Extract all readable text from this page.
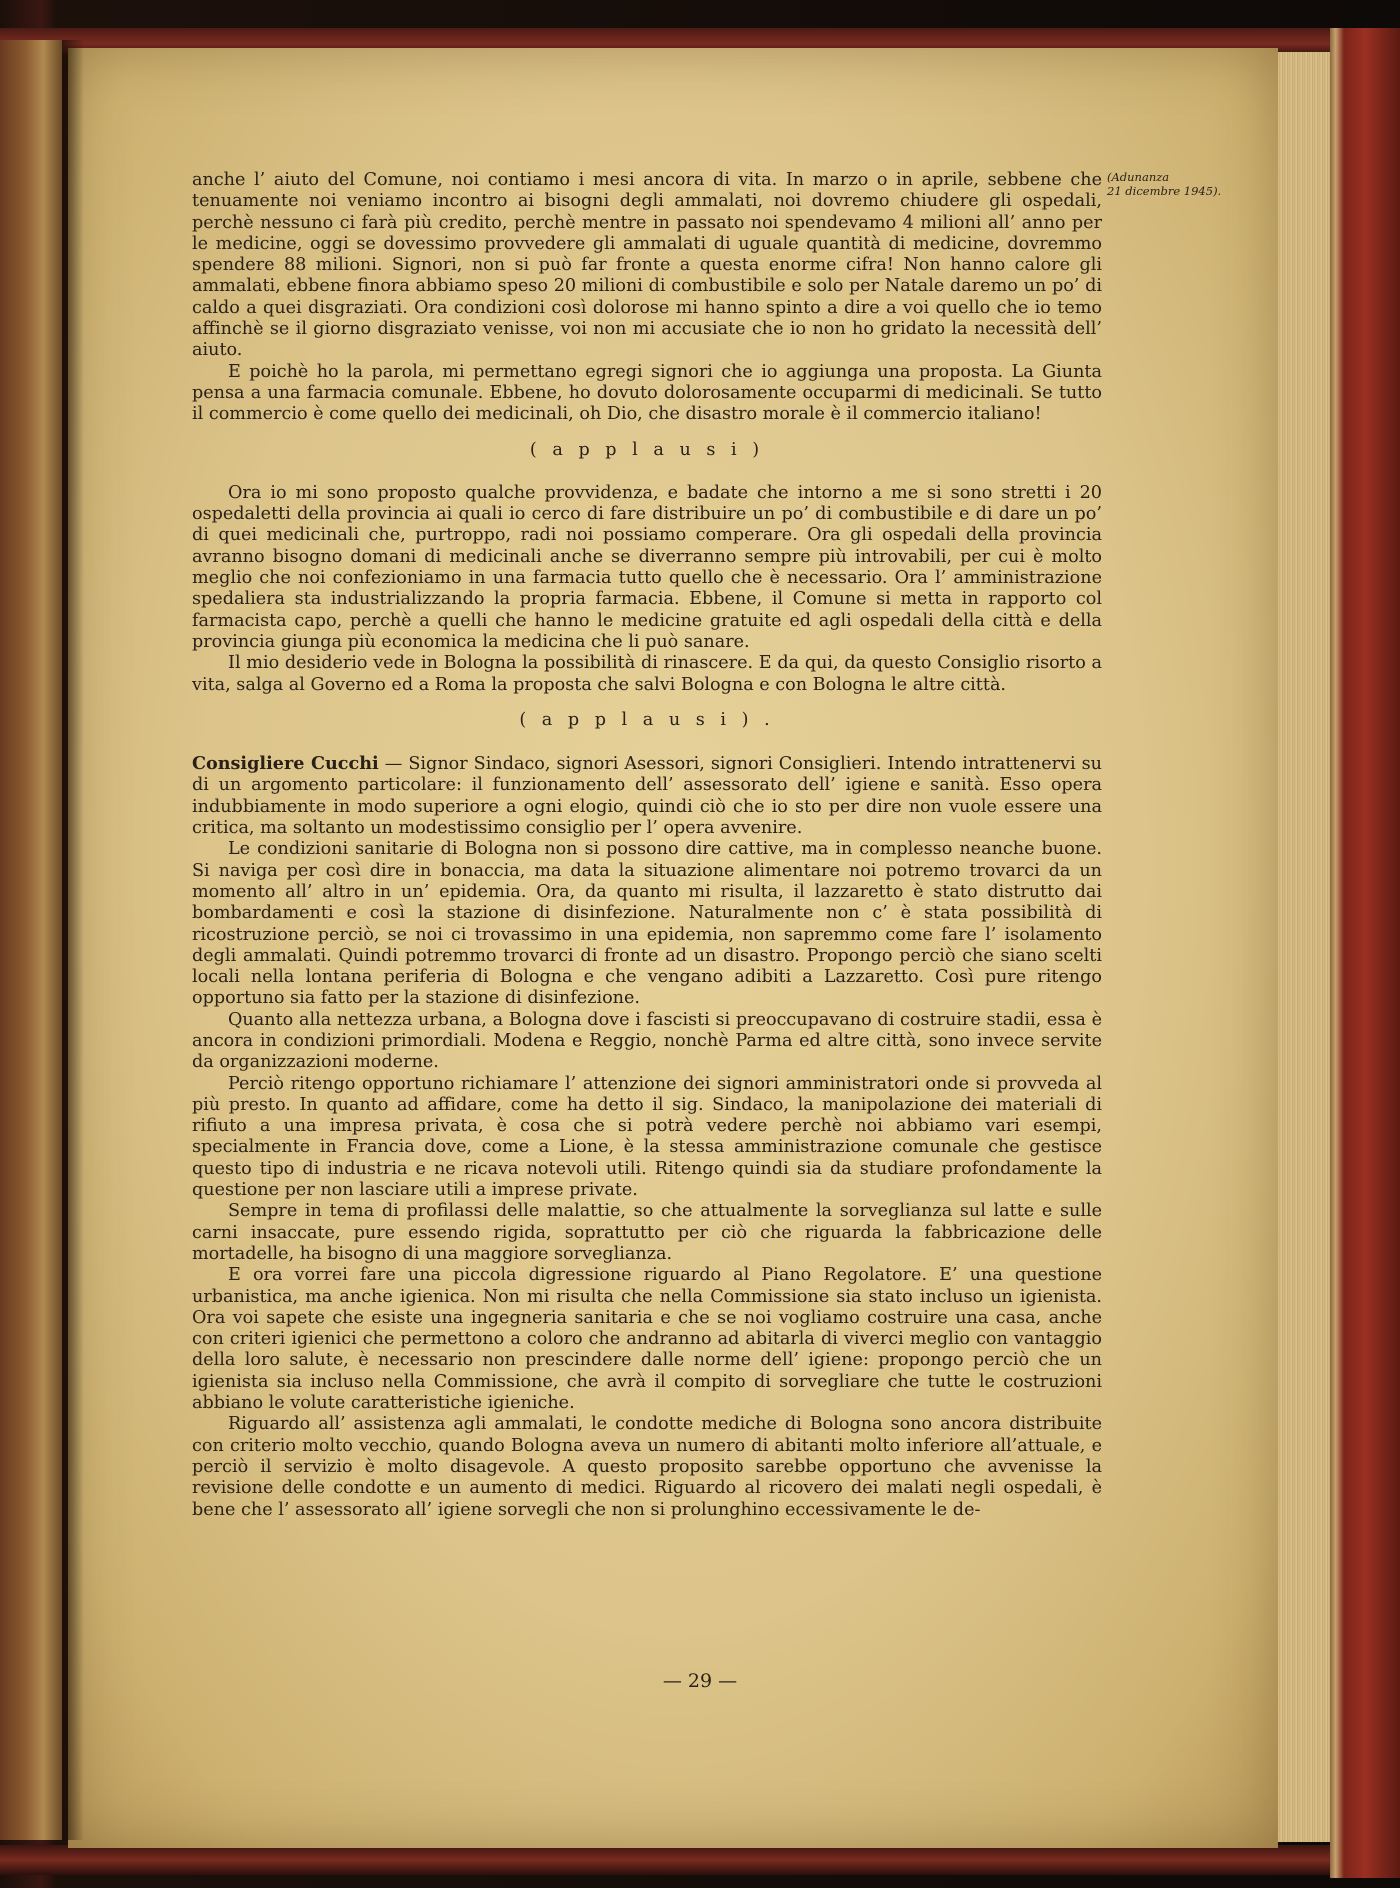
(Adunanza
21 dicembre 1945).

anche l’ aiuto del Comune, noi contiamo i mesi ancora di vita. In marzo o in aprile, sebbene che tenuamente noi veniamo incontro ai bisogni degli ammalati, noi dovremo chiudere gli ospedali, perchè nessuno ci farà più credito, perchè mentre in passato noi spendevamo 4 milioni all’ anno per le medicine, oggi se dovessimo provvedere gli ammalati di uguale quantità di medicine, dovremmo spendere 88 milioni. Signori, non si può far fronte a questa enorme cifra! Non hanno calore gli ammalati, ebbene finora abbiamo speso 20 milioni di combustibile e solo per Natale daremo un po’ di caldo a quei disgraziati. Ora condizioni così dolorose mi hanno spinto a dire a voi quello che io temo affinchè se il giorno disgraziato venisse, voi non mi accusiate che io non ho gridato la necessità dell’ aiuto.

E poichè ho la parola, mi permettano egregi signori che io aggiunga una proposta. La Giunta pensa a una farmacia comunale. Ebbene, ho dovuto dolorosamente occuparmi di medicinali. Se tutto il commercio è come quello dei medicinali, oh Dio, che disastro morale è il commercio italiano!

( a p p l a u s i )

Ora io mi sono proposto qualche provvidenza, e badate che intorno a me si sono stretti i 20 ospedaletti della provincia ai quali io cerco di fare distribuire un po’ di combustibile e di dare un po’ di quei medicinali che, purtroppo, radi noi possiamo comperare. Ora gli ospedali della provincia avranno bisogno domani di medicinali anche se diverranno sempre più introvabili, per cui è molto meglio che noi confezioniamo in una farmacia tutto quello che è necessario. Ora l’ amministrazione spedaliera sta industrializzando la propria farmacia. Ebbene, il Comune si metta in rapporto col farmacista capo, perchè a quelli che hanno le medicine gratuite ed agli ospedali della città e della provincia giunga più economica la medicina che li può sanare.

Il mio desiderio vede in Bologna la possibilità di rinascere. E da qui, da questo Consiglio risorto a vita, salga al Governo ed a Roma la proposta che salvi Bologna e con Bologna le altre città.

( a p p l a u s i ) .

Consigliere Cucchi — Signor Sindaco, signori Asessori, signori Consiglieri. Intendo intrattenervi su di un argomento particolare: il funzionamento dell’ assessorato dell’ igiene e sanità. Esso opera indubbiamente in modo superiore a ogni elogio, quindi ciò che io sto per dire non vuole essere una critica, ma soltanto un modestissimo consiglio per l’ opera avvenire.

Le condizioni sanitarie di Bologna non si possono dire cattive, ma in complesso neanche buone. Si naviga per così dire in bonaccia, ma data la situazione alimentare noi potremo trovarci da un momento all’ altro in un’ epidemia. Ora, da quanto mi risulta, il lazzaretto è stato distrutto dai bombardamenti e così la stazione di disinfezione. Naturalmente non c’ è stata possibilità di ricostruzione perciò, se noi ci trovassimo in una epidemia, non sapremmo come fare l’ isolamento degli ammalati. Quindi potremmo trovarci di fronte ad un disastro. Propongo perciò che siano scelti locali nella lontana periferia di Bologna e che vengano adibiti a Lazzaretto. Così pure ritengo opportuno sia fatto per la stazione di disinfezione.

Quanto alla nettezza urbana, a Bologna dove i fascisti si preoccupavano di costruire stadii, essa è ancora in condizioni primordiali. Modena e Reggio, nonchè Parma ed altre città, sono invece servite da organizzazioni moderne.

Perciò ritengo opportuno richiamare l’ attenzione dei signori amministratori onde si provveda al più presto. In quanto ad affidare, come ha detto il sig. Sindaco, la manipolazione dei materiali di rifiuto a una impresa privata, è cosa che si potrà vedere perchè noi abbiamo vari esempi, specialmente in Francia dove, come a Lione, è la stessa amministrazione comunale che gestisce questo tipo di industria e ne ricava notevoli utili. Ritengo quindi sia da studiare profondamente la questione per non lasciare utili a imprese private.

Sempre in tema di profilassi delle malattie, so che attualmente la sorveglianza sul latte e sulle carni insaccate, pure essendo rigida, soprattutto per ciò che riguarda la fabbricazione delle mortadelle, ha bisogno di una maggiore sorveglianza.

E ora vorrei fare una piccola digressione riguardo al Piano Regolatore. E’ una questione urbanistica, ma anche igienica. Non mi risulta che nella Commissione sia stato incluso un igienista. Ora voi sapete che esiste una ingegneria sanitaria e che se noi vogliamo costruire una casa, anche con criteri igienici che permettono a coloro che andranno ad abitarla di viverci meglio con vantaggio della loro salute, è necessario non prescindere dalle norme dell’ igiene: propongo perciò che un igienista sia incluso nella Commissione, che avrà il compito di sorvegliare che tutte le costruzioni abbiano le volute caratteristiche igieniche.

Riguardo all’ assistenza agli ammalati, le condotte mediche di Bologna sono ancora distribuite con criterio molto vecchio, quando Bologna aveva un numero di abitanti molto inferiore all’attuale, e perciò il servizio è molto disagevole. A questo proposito sarebbe opportuno che avvenisse la revisione delle condotte e un aumento di medici. Riguardo al ricovero dei malati negli ospedali, è bene che l’ assessorato all’ igiene sorvegli che non si prolunghino eccessivamente le de-

— 29 —
